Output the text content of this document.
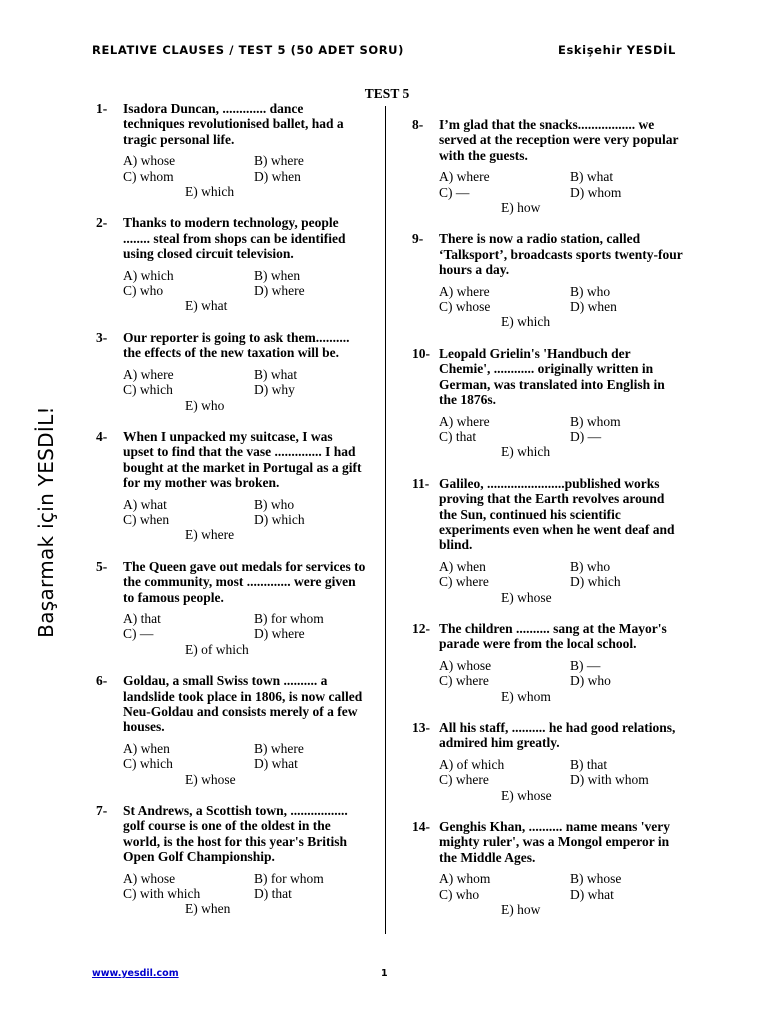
RELATIVE CLAUSES / TEST 5 (50 ADET SORU)	Eskişehir YESDİL
TEST 5
Başarmak için YESDİL!
1- Isadora Duncan, ............. dance techniques revolutionised ballet, had a tragic personal life.
A) whose	B) where
C) whom	D) when
E) which
2- Thanks to modern technology, people ........ steal from shops can be identified using closed circuit television.
A) which	B) when
C) who	D) where
E) what
3- Our reporter is going to ask them.......... the effects of the new taxation will be.
A) where	B) what
C) which	D) why
E) who
4- When I unpacked my suitcase, I was upset to find that the vase .............. I had bought at the market in Portugal as a gift for my mother was broken.
A) what	B) who
C) when	D) which
E) where
5- The Queen gave out medals for services to the community, most ............. were given to famous people.
A) that	B) for whom
C) —	D) where
E) of which
6- Goldau, a small Swiss town .......... a landslide took place in 1806, is now called Neu-Goldau and consists merely of a few houses.
A) when	B) where
C) which	D) what
E) whose
7- St Andrews, a Scottish town, ................. golf course is one of the oldest in the world, is the host for this year's British Open Golf Championship.
A) whose	B) for whom
C) with which	D) that
E) when
8- I’m glad that the snacks................. we served at the reception were very popular with the guests.
A) where	B) what
C) —	D) whom
E) how
9- There is now a radio station, called ‘Talksport’, broadcasts sports twenty-four hours a day.
A) where	B) who
C) whose	D) when
E) which
10- Leopald Grielin's 'Handbuch der Chemie', ............ originally written in German, was translated into English in the 1876s.
A) where	B) whom
C) that	D) —
E) which
11- Galileo, .......................published works proving that the Earth revolves around the Sun, continued his scientific experiments even when he went deaf and blind.
A) when	B) who
C) where	D) which
E) whose
12- The children .......... sang at the Mayor's parade were from the local school.
A) whose	B) —
C) where	D) who
E) whom
13- All his staff, .......... he had good relations, admired him greatly.
A) of which	B) that
C) where	D) with whom
E) whose
14- Genghis Khan, .......... name means 'very mighty ruler', was a Mongol emperor in the Middle Ages.
A) whom	B) whose
C) who	D) what
E) how
www.yesdil.com	1
